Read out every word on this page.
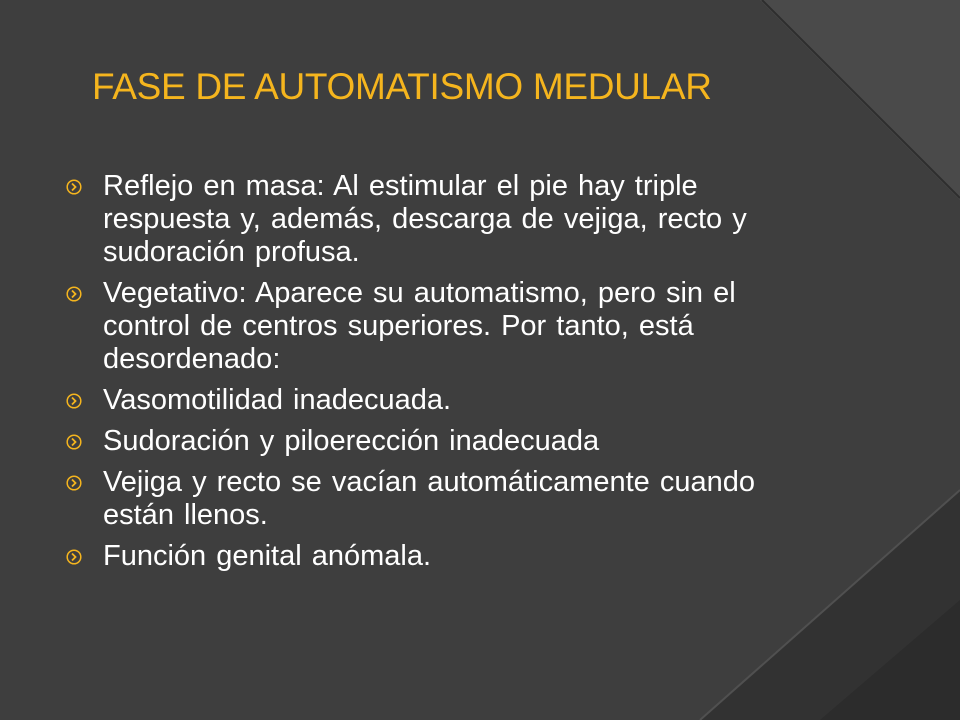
FASE DE AUTOMATISMO MEDULAR
Reflejo en masa: Al estimular el pie hay triple respuesta y, además, descarga de vejiga, recto y sudoración profusa.
Vegetativo: Aparece su automatismo, pero sin el control de centros superiores. Por tanto, está desordenado:
Vasomotilidad inadecuada.
Sudoración y piloerección inadecuada
Vejiga y recto se vacían automáticamente cuando están llenos.
Función genital anómala.
